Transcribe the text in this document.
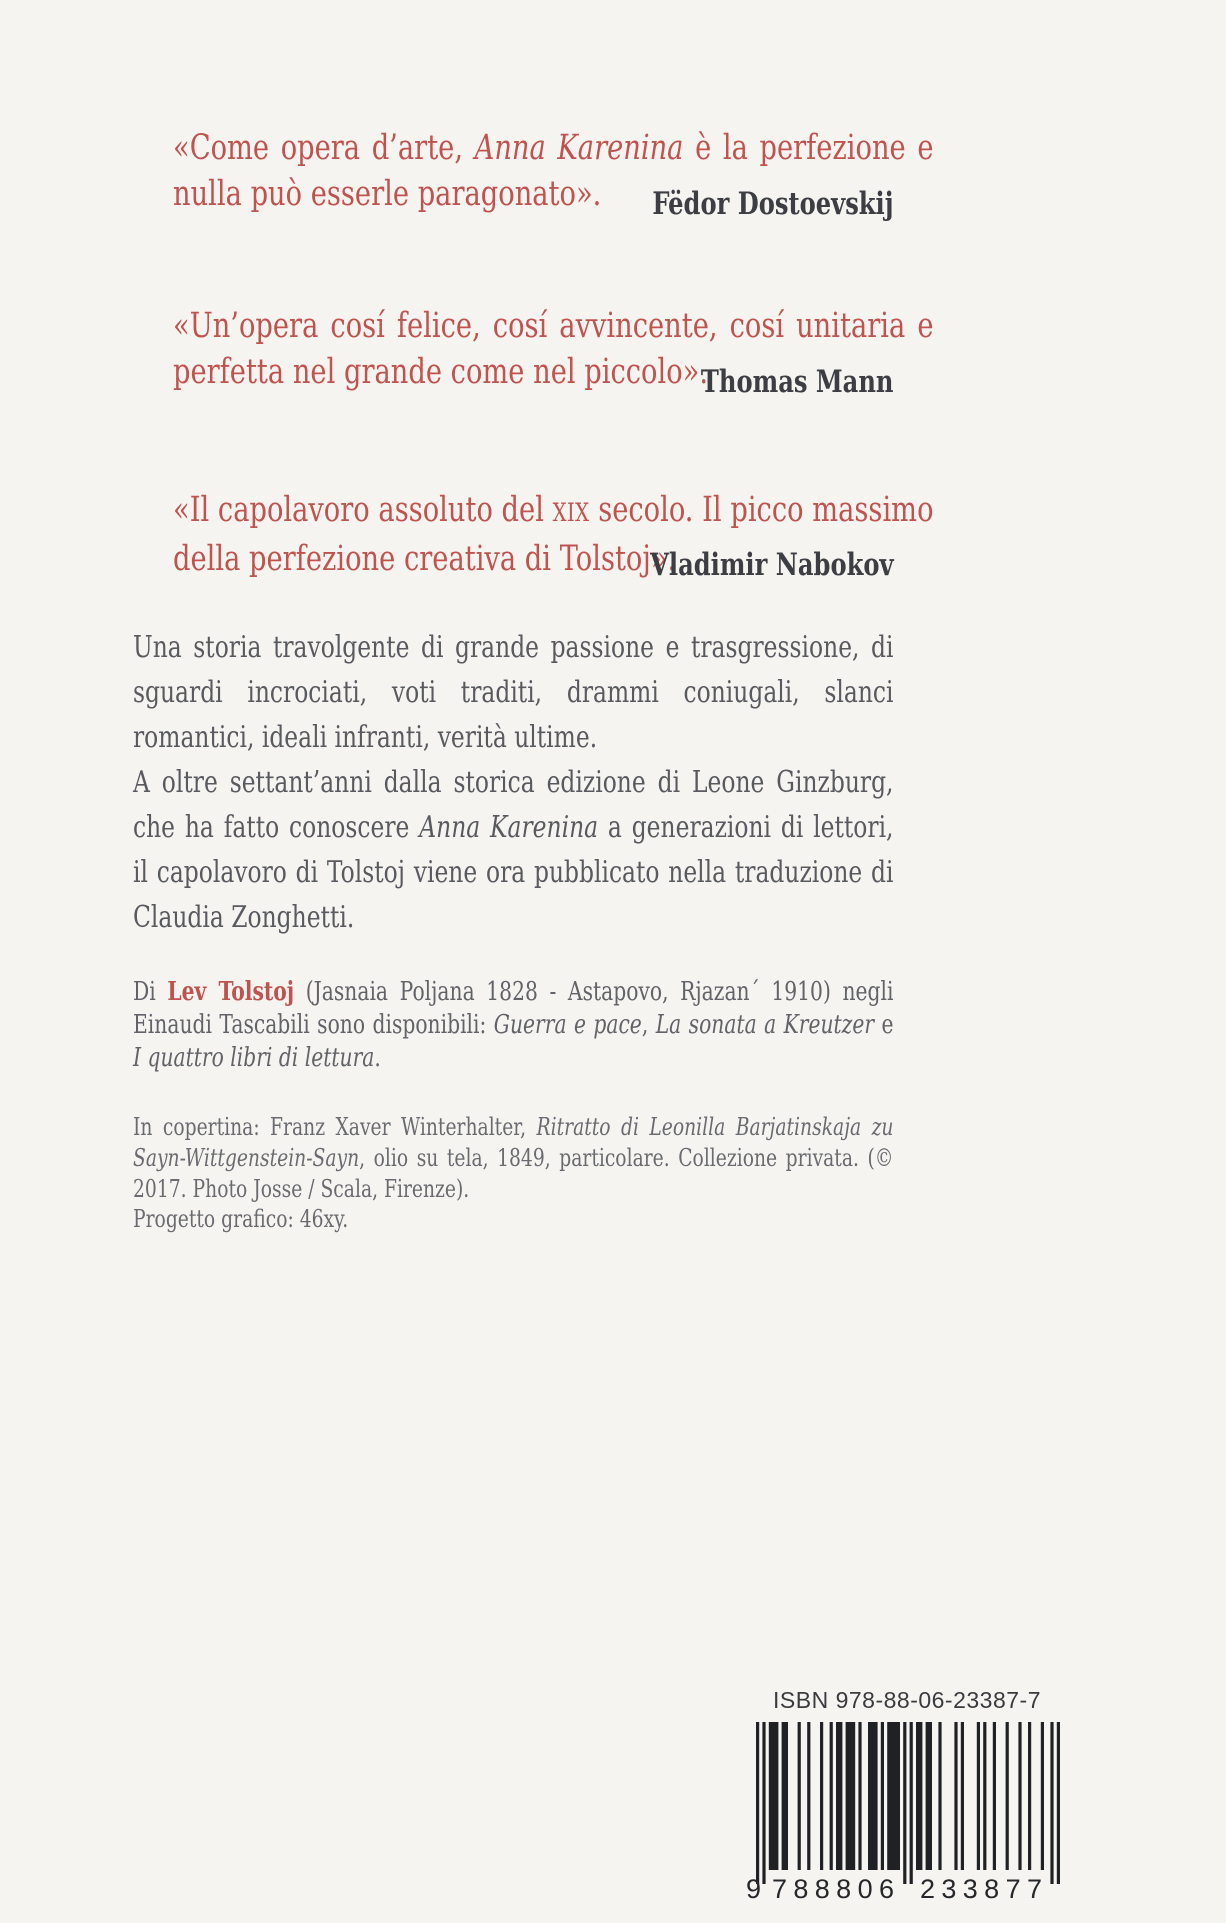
«Come opera d’arte, Anna Karenina è la perfezione e nulla può esserle paragonato».	Fëdor Dostoevskij
«Un’opera cosí felice, cosí avvincente, cosí unitaria e perfetta nel grande come nel piccolo».
Thomas Mann
«Il capolavoro assoluto del XIX secolo. Il picco massimo della perfezione creativa di Tolstoj».
Vladimir Nabokov

Una storia travolgente di grande passione e trasgressione, di sguardi incrociati, voti traditi, drammi coniugali, slanci romantici, ideali infranti, verità ultime.

A oltre settant’anni dalla storica edizione di Leone Ginzburg, che ha fatto conoscere Anna Karenina a generazioni di lettori, il capolavoro di Tolstoj viene ora pubblicato nella traduzione di Claudia Zonghetti.

Di Lev Tolstoj (Jasnaia Poljana 1828 - Astapovo, Rjazan´ 1910) negli Einaudi Tascabili sono disponibili: Guerra e pace, La sonata a Kreutzer e I quattro libri di lettura.
In copertina: Franz Xaver Winterhalter, Ritratto di Leonilla Barjatinskaja zu Sayn-Wittgenstein-Sayn, olio su tela, 1849, particolare. Collezione privata. (© 2017. Photo Josse / Scala, Firenze).
Progetto grafico: 46xy.
ISBN 978-88-06-23387-7
9 788806 233877
